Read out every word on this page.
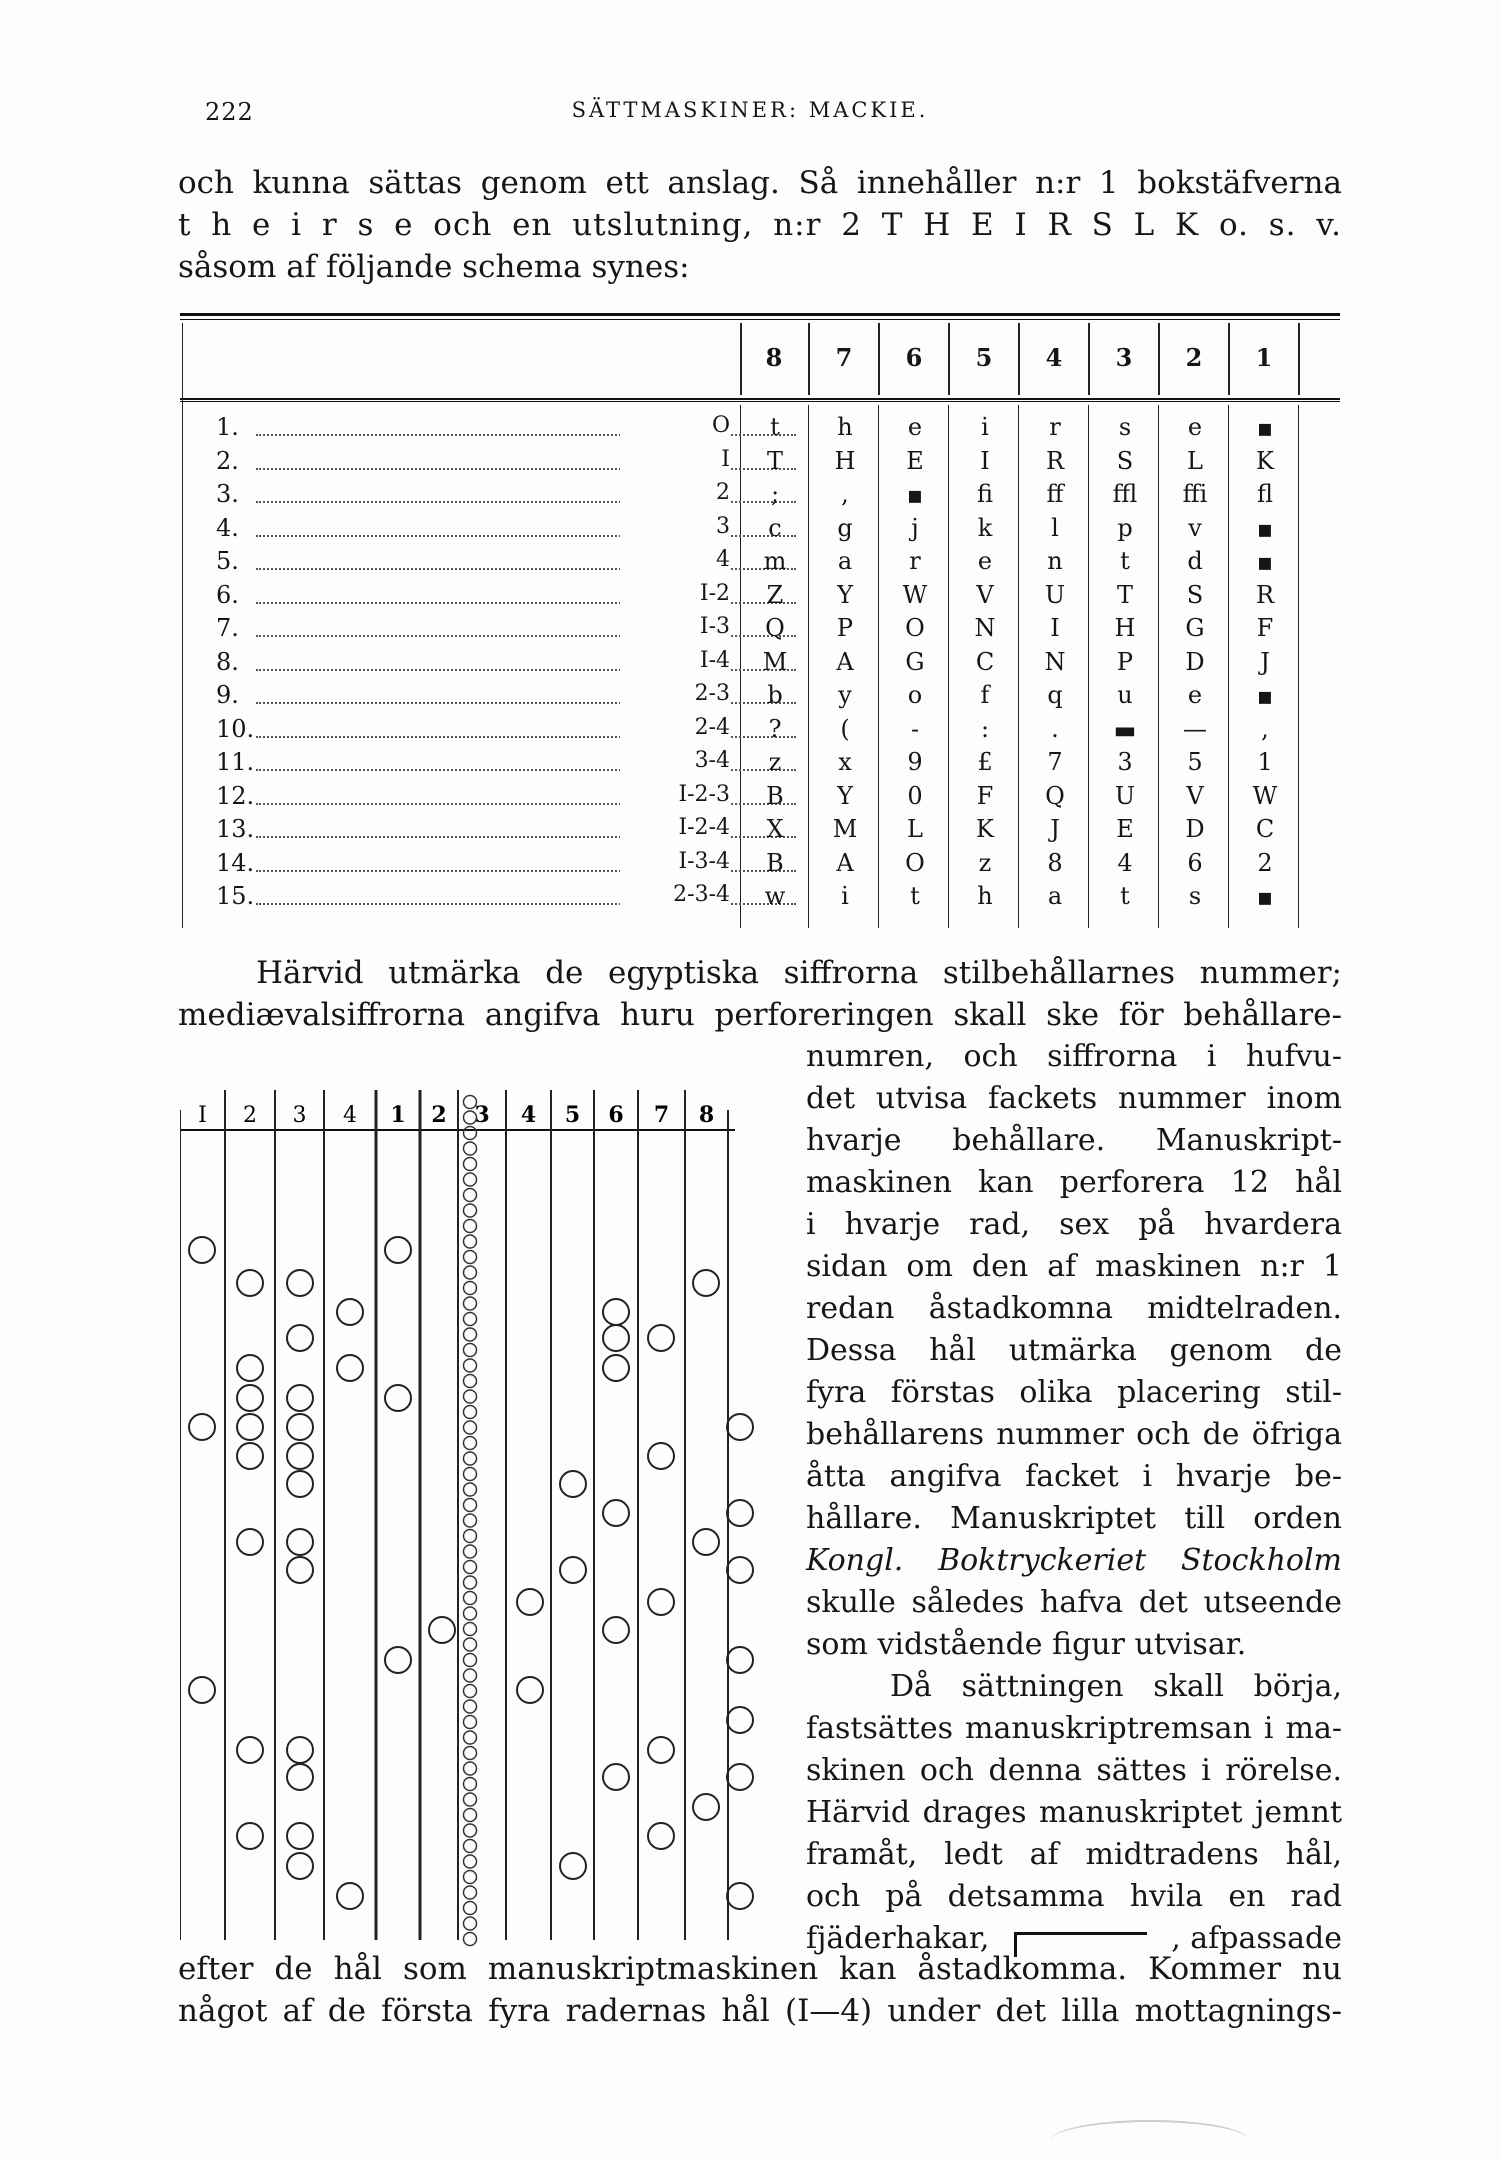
222	SÄTTMASKINER: MACKIE.
och kunna sättas genom ett anslag. Så innehåller n:r 1 bokstäfverna
t h e i r s e och en utslutning, n:r 2 T H E I R S L K o. s. v.
såsom af följande schema synes:
8	7	6	5	4	3	2	1
1.	O	t	h	e	i	r	s	e	▪
2.	I	T	H	E	I	R	S	L	K
3.	2	;	,	▪	fi	ff	ffl	ffi	fl
4.	3	c	g	j	k	l	p	v	▪
5.	4	m	a	r	e	n	t	d	▪
6.	I-2	Z	Y	W	V	U	T	S	R
7.	I-3	Q	P	O	N	I	H	G	F
8.	I-4	M	A	G	C	N	P	D	J
9.	2-3	b	y	o	f	q	u	e	▪
10.	2-4	?	(	-	:	.	▬	—	,
11.	3-4	z	x	9	£	7	3	5	1
12.	I-2-3	B	Y	0	F	Q	U	V	W
13.	I-2-4	X	M	L	K	J	E	D	C
14.	I-3-4	B	A	O	z	8	4	6	2
15.	2-3-4	w	i	t	h	a	t	s	▪
Härvid utmärka de egyptiska siffrorna stilbehållarnes nummer;
mediævalsiffrorna angifva huru perforeringen skall ske för behållare-
I 2 3 4 1 2 3 4 5 6 7 8
numren, och siffrorna i hufvu-
det utvisa fackets nummer inom
hvarje behållare. Manuskript-
maskinen kan perforera 12 hål
i hvarje rad, sex på hvardera
sidan om den af maskinen n:r 1
redan åstadkomna midtelraden.
Dessa hål utmärka genom de
fyra förstas olika placering stil-
behållarens nummer och de öfriga
åtta angifva facket i hvarje be-
hållare. Manuskriptet till orden
Kongl. Boktryckeriet Stockholm
skulle således hafva det utseende
som vidstående figur utvisar.
Då sättningen skall börja,
fastsättes manuskriptremsan i ma-
skinen och denna sättes i rörelse.
Härvid drages manuskriptet jemnt
framåt, ledt af midtradens hål,
och på detsamma hvila en rad
fjäderhakar,	, afpassade
efter de hål som manuskriptmaskinen kan åstadkomma. Kommer nu
något af de första fyra radernas hål (I—4) under det lilla mottagnings-
